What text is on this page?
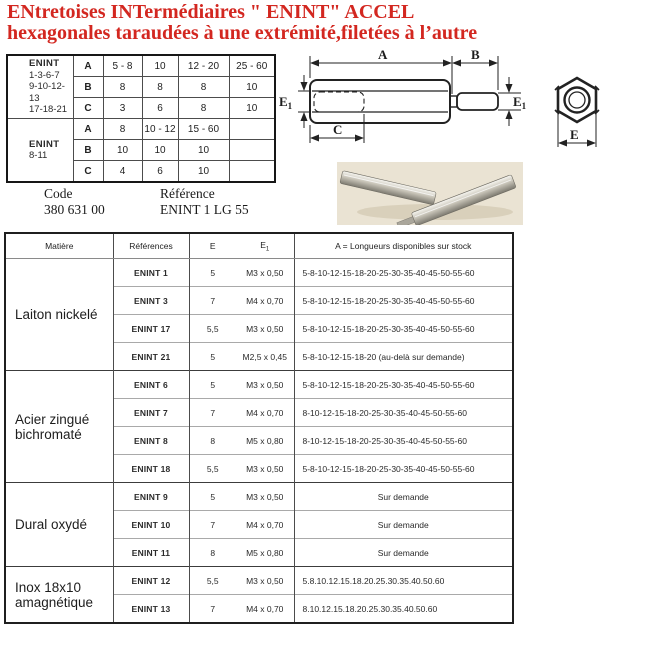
ENtretoises INTermédiaires " ENINT" ACCEL
hexagonales taraudées à une extrémité,filetées à l’autre
ENINT
1-3-6-7
9-10-12-13
17-18-21	A	5 - 8	10	12 - 20	25 - 60
	B	8	8	8	10
	C	3	6	8	10

ENINT
8-11	A	8	10 - 12	15 - 60	
	B	10	10	10	
	C	4	6	10	
A	B
C
$E_1$	$E_1$
E
Code
380 631 00
Référence
ENINT 1 LG 55
Matière	Références	E	$E_1$	A = Longueurs disponibles sur stock

Laiton nickelé	ENINT 1	5	M3 x 0,50	5-8-10-12-15-18-20-25-30-35-40-45-50-55-60
	ENINT 3	7	M4 x 0,70	5-8-10-12-15-18-20-25-30-35-40-45-50-55-60
	ENINT 17	5,5	M3 x 0,50	5-8-10-12-15-18-20-25-30-35-40-45-50-55-60
	ENINT 21	5	M2,5 x 0,45	5-8-10-12-15-18-20 (au-delà sur demande)

Acier zingué
bichromaté	ENINT 6	5	M3 x 0,50	5-8-10-12-15-18-20-25-30-35-40-45-50-55-60
	ENINT 7	7	M4 x 0,70	8-10-12-15-18-20-25-30-35-40-45-50-55-60
	ENINT 8	8	M5 x 0,80	8-10-12-15-18-20-25-30-35-40-45-50-55-60
	ENINT 18	5,5	M3 x 0,50	5-8-10-12-15-18-20-25-30-35-40-45-50-55-60

Dural oxydé	ENINT 9	5	M3 x 0,50	Sur demande
	ENINT 10	7	M4 x 0,70	Sur demande
	ENINT 11	8	M5 x 0,80	Sur demande

Inox 18x10
amagnétique	ENINT 12	5,5	M3 x 0,50	5.8.10.12.15.18.20.25.30.35.40.50.60
	ENINT 13	7	M4 x 0,70	8.10.12.15.18.20.25.30.35.40.50.60
